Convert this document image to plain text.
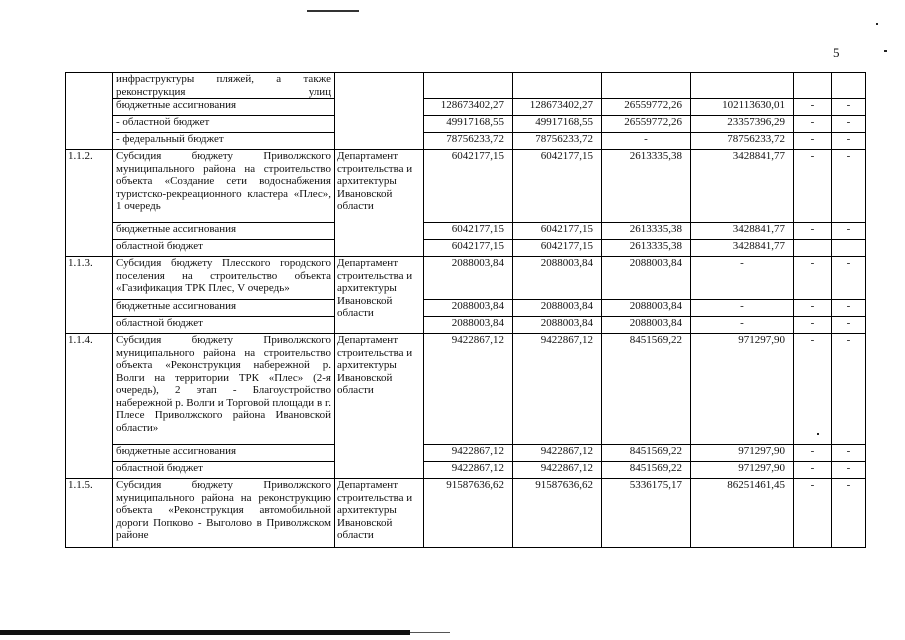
5
	инфраструктуры пляжей, а также реконструкция улиц							
	бюджетные ассигнования		128673402,27	128673402,27	26559772,26	102113630,01	-	-
	- областной бюджет		49917168,55	49917168,55	26559772,26	23357396,29	-	-
	- федеральный бюджет		78756233,72	78756233,72	-	78756233,72	-	-
1.1.2.	Субсидия бюджету Приволжского муниципального района на строительство объекта «Создание сети водоснабжения туристско-рекреационного кластера «Плес», 1 очередь	Департамент строительства и архитектуры Ивановской области	6042177,15	6042177,15	2613335,38	3428841,77	-	-
	бюджетные ассигнования		6042177,15	6042177,15	2613335,38	3428841,77	-	-
	областной бюджет		6042177,15	6042177,15	2613335,38	3428841,77		
1.1.3.	Субсидия бюджету Плесского городского поселения на строительство объекта «Газификация ТРК Плес, V очередь»	Департамент строительства и архитектуры Ивановской области	2088003,84	2088003,84	2088003,84	-	-	-
	бюджетные ассигнования		2088003,84	2088003,84	2088003,84	-	-	-
	областной бюджет		2088003,84	2088003,84	2088003,84	-	-	-
1.1.4.	Субсидия бюджету Приволжского муниципального района на строительство объекта «Реконструкция набережной р. Волги на территории ТРК «Плес» (2-я очередь), 2 этап - Благоустройство набережной р. Волги и Торговой площади в г. Плесе Приволжского района Ивановской области»	Департамент строительства и архитектуры Ивановской области	9422867,12	9422867,12	8451569,22	971297,90	-	-
	бюджетные ассигнования		9422867,12	9422867,12	8451569,22	971297,90	-	-
	областной бюджет		9422867,12	9422867,12	8451569,22	971297,90	-	-
1.1.5.	Субсидия бюджету Приволжского муниципального района на реконструкцию объекта «Реконструкция автомобильной дороги Попково - Выголово в Приволжском районе	Департамент строительства и архитектуры Ивановской области	91587636,62	91587636,62	5336175,17	86251461,45	-	-
